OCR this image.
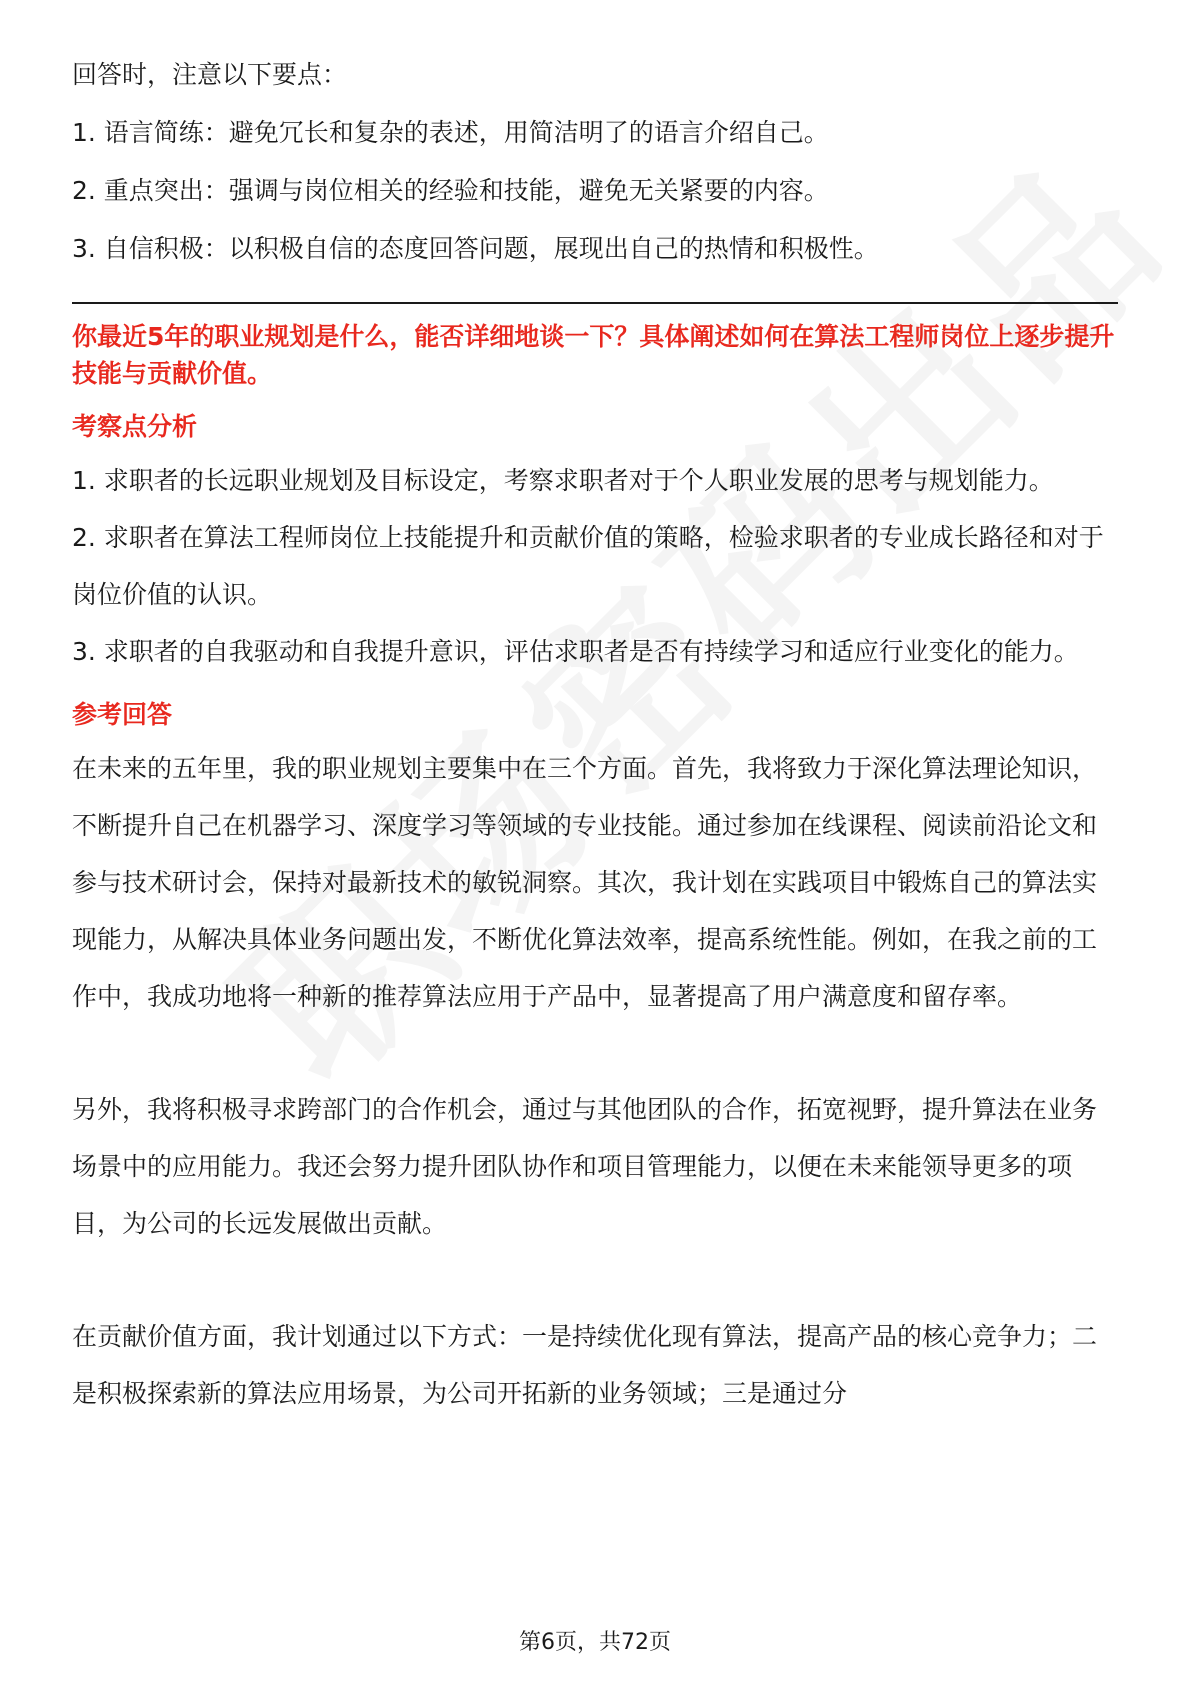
回答时，注意以下要点：

1. 语言简练：避免冗长和复杂的表述，用简洁明了的语言介绍自己。

2. 重点突出：强调与岗位相关的经验和技能，避免无关紧要的内容。

3. 自信积极：以积极自信的态度回答问题，展现出自己的热情和积极性。

你最近5年的职业规划是什么，能否详细地谈一下？具体阐述如何在算法工程师岗位上逐步提升技能与贡献价值。
考察点分析

1. 求职者的长远职业规划及目标设定，考察求职者对于个人职业发展的思考与规划能力。

2. 求职者在算法工程师岗位上技能提升和贡献价值的策略，检验求职者的专业成长路径和对于岗位价值的认识。

3. 求职者的自我驱动和自我提升意识，评估求职者是否有持续学习和适应行业变化的能力。

参考回答

在未来的五年里，我的职业规划主要集中在三个方面。首先，我将致力于深化算法理论知识，不断提升自己在机器学习、深度学习等领域的专业技能。通过参加在线课程、阅读前沿论文和参与技术研讨会，保持对最新技术的敏锐洞察。其次，我计划在实践项目中锻炼自己的算法实现能力，从解决具体业务问题出发，不断优化算法效率，提高系统性能。例如，在我之前的工作中，我成功地将一种新的推荐算法应用于产品中，显著提高了用户满意度和留存率。

另外，我将积极寻求跨部门的合作机会，通过与其他团队的合作，拓宽视野，提升算法在业务场景中的应用能力。我还会努力提升团队协作和项目管理能力，以便在未来能领导更多的项目，为公司的长远发展做出贡献。

在贡献价值方面，我计划通过以下方式：一是持续优化现有算法，提高产品的核心竞争力；二是积极探索新的算法应用场景，为公司开拓新的业务领域；三是通过分

第6页，共72页
